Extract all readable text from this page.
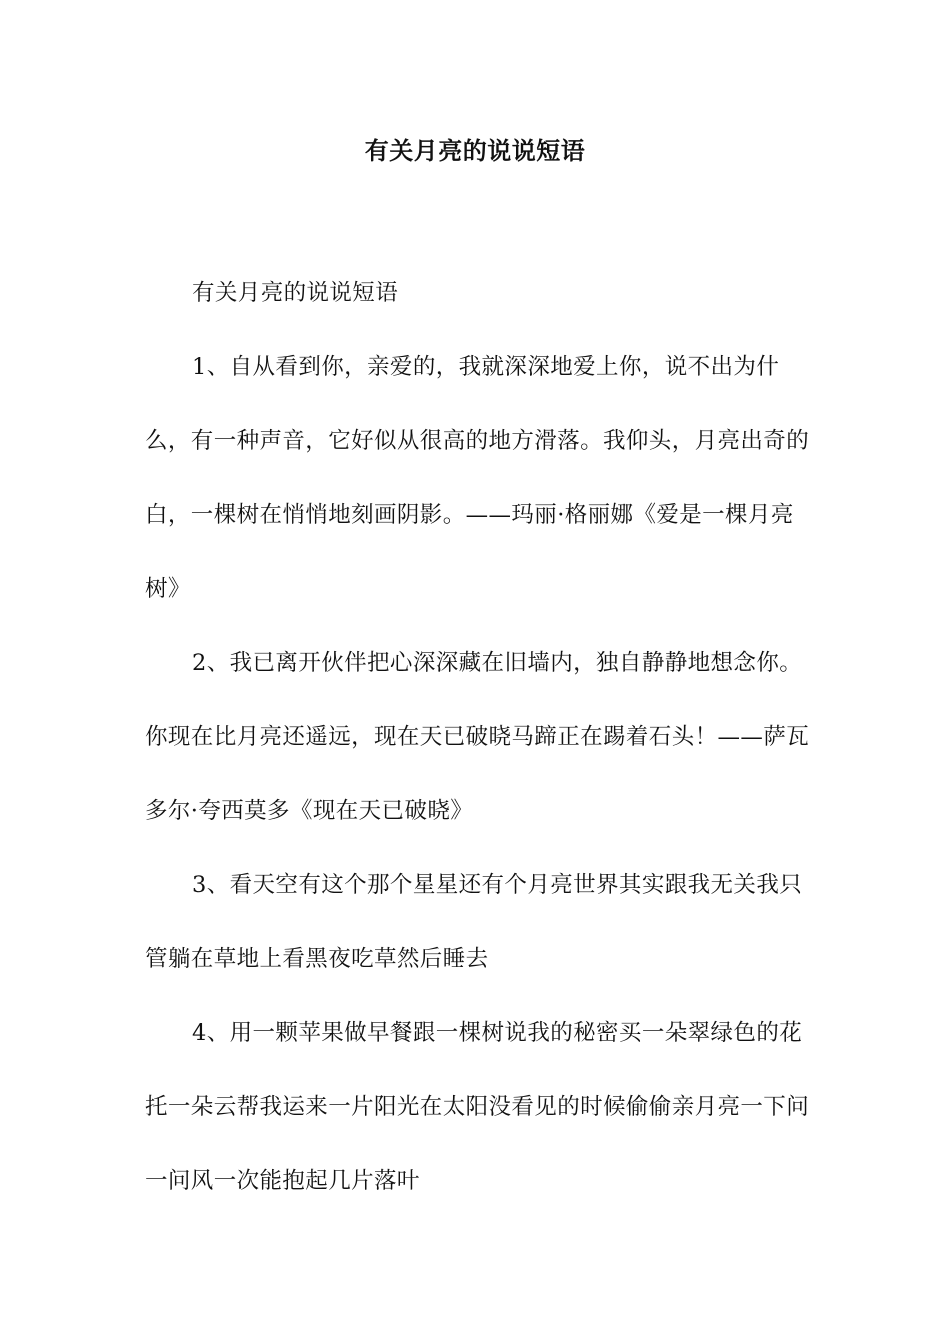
有关月亮的说说短语

有关月亮的说说短语

1、自从看到你，亲爱的，我就深深地爱上你，说不出为什么，有一种声音，它好似从很高的地方滑落。我仰头，月亮出奇的白，一棵树在悄悄地刻画阴影。——玛丽·格丽娜《爱是一棵月亮树》

2、我已离开伙伴把心深深藏在旧墙内，独自静静地想念你。你现在比月亮还遥远，现在天已破晓马蹄正在踢着石头！——萨瓦多尔·夸西莫多《现在天已破晓》

3、看天空有这个那个星星还有个月亮世界其实跟我无关我只管躺在草地上看黑夜吃草然后睡去

4、用一颗苹果做早餐跟一棵树说我的秘密买一朵翠绿色的花托一朵云帮我运来一片阳光在太阳没看见的时候偷偷亲月亮一下问一问风一次能抱起几片落叶
